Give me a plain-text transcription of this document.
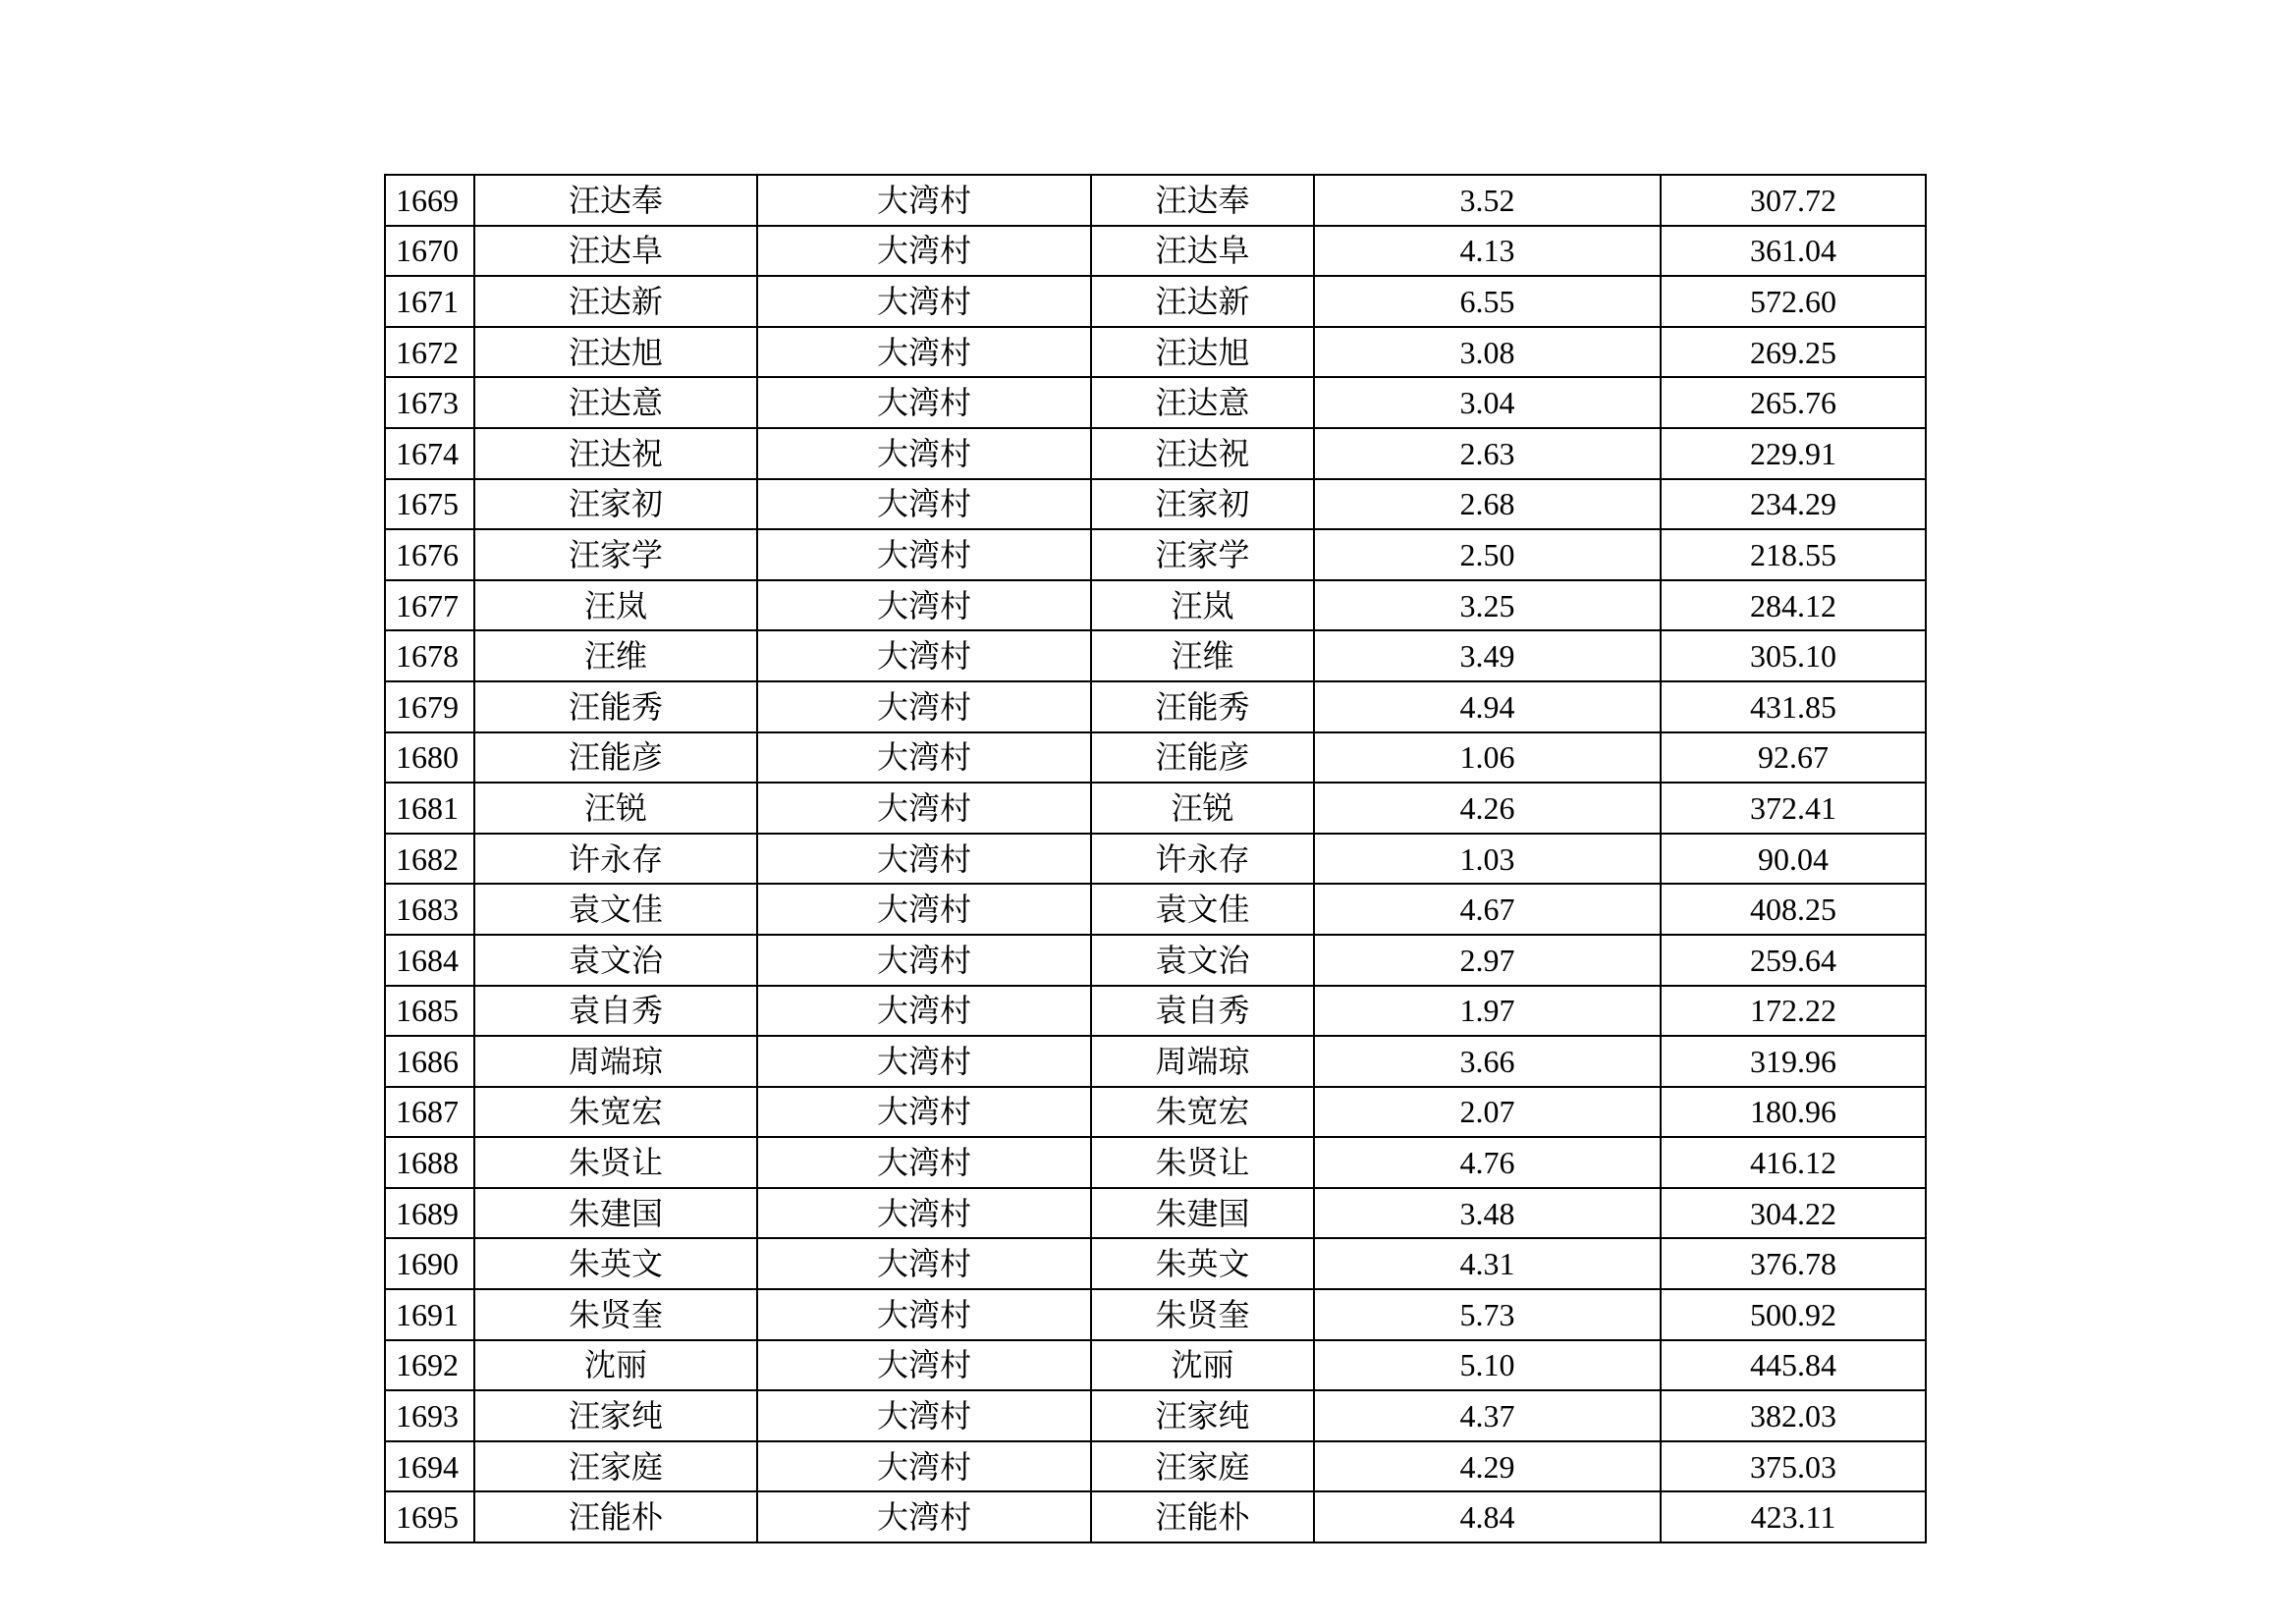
1669	汪达奉	大湾村	汪达奉	3.52	307.72
1670	汪达阜	大湾村	汪达阜	4.13	361.04
1671	汪达新	大湾村	汪达新	6.55	572.60
1672	汪达旭	大湾村	汪达旭	3.08	269.25
1673	汪达意	大湾村	汪达意	3.04	265.76
1674	汪达祝	大湾村	汪达祝	2.63	229.91
1675	汪家初	大湾村	汪家初	2.68	234.29
1676	汪家学	大湾村	汪家学	2.50	218.55
1677	汪岚	大湾村	汪岚	3.25	284.12
1678	汪维	大湾村	汪维	3.49	305.10
1679	汪能秀	大湾村	汪能秀	4.94	431.85
1680	汪能彦	大湾村	汪能彦	1.06	92.67
1681	汪锐	大湾村	汪锐	4.26	372.41
1682	许永存	大湾村	许永存	1.03	90.04
1683	袁文佳	大湾村	袁文佳	4.67	408.25
1684	袁文治	大湾村	袁文治	2.97	259.64
1685	袁自秀	大湾村	袁自秀	1.97	172.22
1686	周端琼	大湾村	周端琼	3.66	319.96
1687	朱宽宏	大湾村	朱宽宏	2.07	180.96
1688	朱贤让	大湾村	朱贤让	4.76	416.12
1689	朱建国	大湾村	朱建国	3.48	304.22
1690	朱英文	大湾村	朱英文	4.31	376.78
1691	朱贤奎	大湾村	朱贤奎	5.73	500.92
1692	沈丽	大湾村	沈丽	5.10	445.84
1693	汪家纯	大湾村	汪家纯	4.37	382.03
1694	汪家庭	大湾村	汪家庭	4.29	375.03
1695	汪能朴	大湾村	汪能朴	4.84	423.11
